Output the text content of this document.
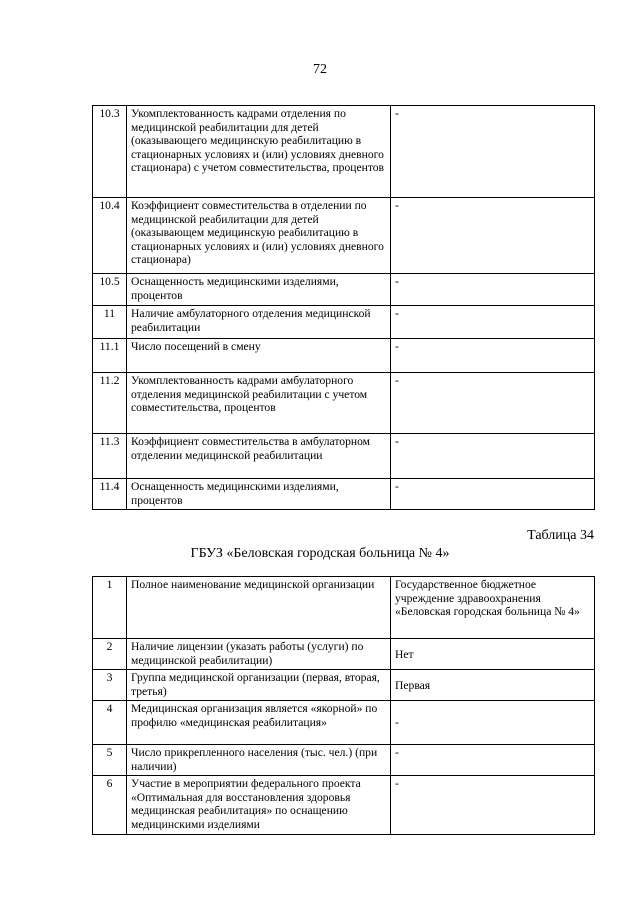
72
10.3	Укомплектованность кадрами отделения по медицинской реабилитации для детей (оказывающего медицинскую реабилитацию в стационарных условиях и (или) условиях дневного стационара) с учетом совместительства, процентов	-
10.4	Коэффициент совместительства в отделении по медицинской реабилитации для детей (оказывающем медицинскую реабилитацию в стационарных условиях и (или) условиях дневного стационара)	-
10.5	Оснащенность медицинскими изделиями, процентов	-
11	Наличие амбулаторного отделения медицинской реабилитации	-
11.1	Число посещений в смену	-
11.2	Укомплектованность кадрами амбулаторного отделения медицинской реабилитации с учетом совместительства, процентов	-
11.3	Коэффициент совместительства в амбулаторном отделении медицинской реабилитации	-
11.4	Оснащенность медицинскими изделиями, процентов	-
Таблица 34
ГБУЗ «Беловская городская больница № 4»
1	Полное наименование медицинской организации	Государственное бюджетное учреждение здравоохранения «Беловская городская больница № 4»
2	Наличие лицензии (указать работы (услуги) по медицинской реабилитации)	Нет
3	Группа медицинской организации (первая, вторая, третья)	Первая
4	Медицинская организация является «якорной» по профилю «медицинская реабилитация»	-
5	Число прикрепленного населения (тыс. чел.) (при наличии)	-
6	Участие в мероприятии федерального проекта «Оптимальная для восстановления здоровья медицинская реабилитация» по оснащению медицинскими изделиями	-
